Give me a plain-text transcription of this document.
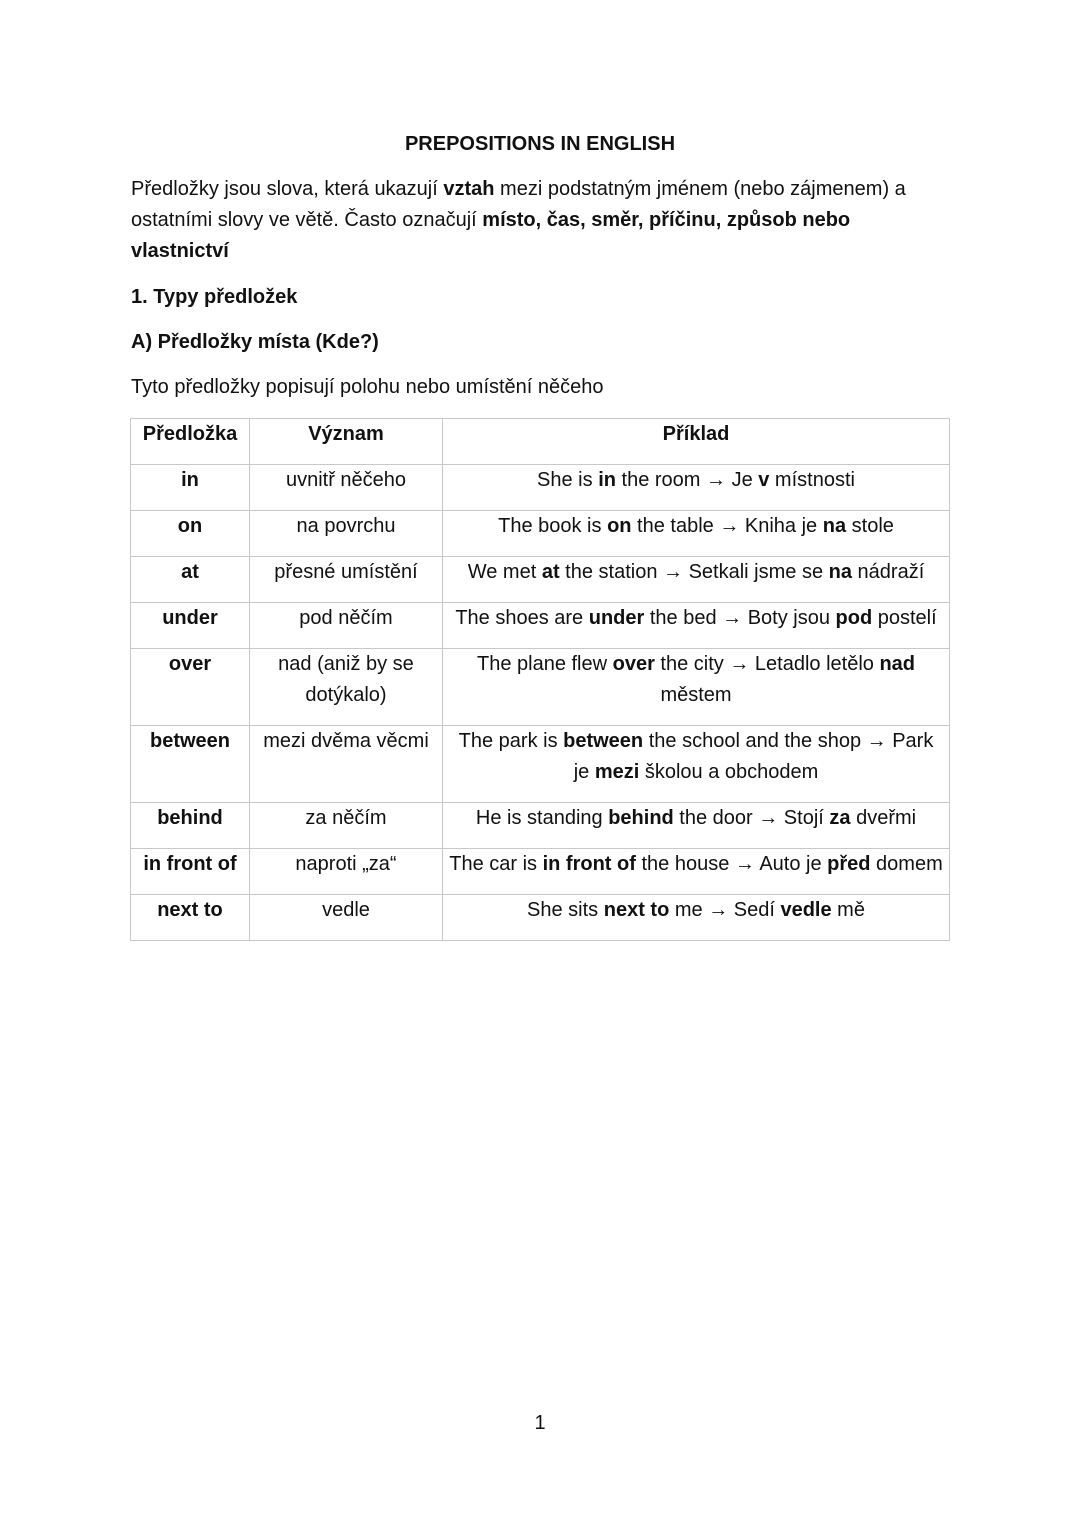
PREPOSITIONS IN ENGLISH

Předložky jsou slova, která ukazují vztah mezi podstatným jménem (nebo zájmenem) a ostatními slovy ve větě. Často označují místo, čas, směr, příčinu, způsob nebo vlastnictví

1. Typy předložek

A) Předložky místa (Kde?)

Tyto předložky popisují polohu nebo umístění něčeho

Předložka	Význam	Příklad
in	uvnitř něčeho	She is in the room → Je v místnosti
on	na povrchu	The book is on the table → Kniha je na stole
at	přesné umístění	We met at the station → Setkali jsme se na nádraží
under	pod něčím	The shoes are under the bed → Boty jsou pod postelí
over	nad (aniž by se dotýkalo)	The plane flew over the city → Letadlo letělo nad městem
between	mezi dvěma věcmi	The park is between the school and the shop → Park je mezi školou a obchodem
behind	za něčím	He is standing behind the door → Stojí za dveřmi
in front of	naproti „za“	The car is in front of the house → Auto je před domem
next to	vedle	She sits next to me → Sedí vedle mě
1
